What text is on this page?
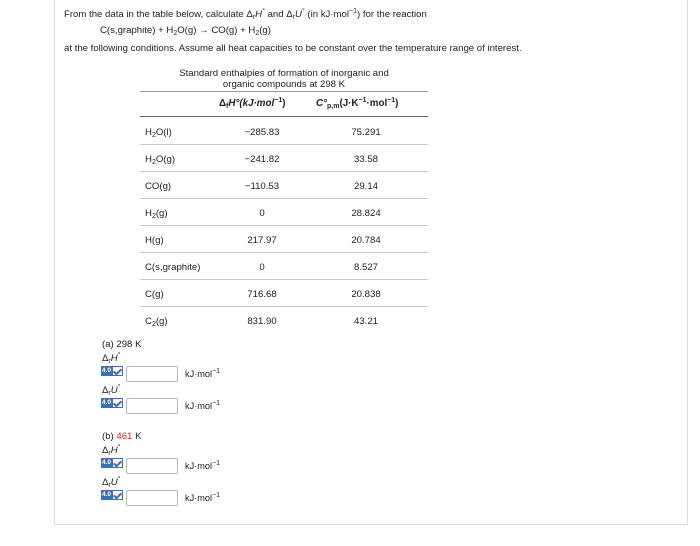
From the data in the table below, calculate $\Delta_rH^\circ$ and $\Delta_rU^\circ$ (in kJ·mol$^{-1}$) for the reaction
C(s,graphite) + $H_2O(g) \to CO(g) + H_2(g)$
at the following conditions. Assume all heat capacities to be constant over the temperature range of interest.
Standard enthalpies of formation of inorganic and
organic compounds at 298 K
$\Delta_fH^\circ(kJ\cdot mol^{-1})$	$C^\circ_{p,m}(J\cdot K^{-1}\cdot mol^{-1})$
$H_2O(l)$	−285.83	75.291
$H_2O(g)$	−241.82	33.58
CO(g)	−110.53	29.14
$H_2(g)$	0	28.824
H(g)	217.97	20.784
C(s,graphite)	0	8.527
C(g)	716.68	20.838
$C_2(g)$	831.90	43.21
(a) 298 K
$\Delta_rH^\circ$
4.0	kJ·mol$^{-1}$
$\Delta_rU^\circ$
4.0	kJ·mol$^{-1}$
(b) 461 K
$\Delta_rH^\circ$
4.0	kJ·mol$^{-1}$
$\Delta_rU^\circ$
4.0	kJ·mol$^{-1}$
